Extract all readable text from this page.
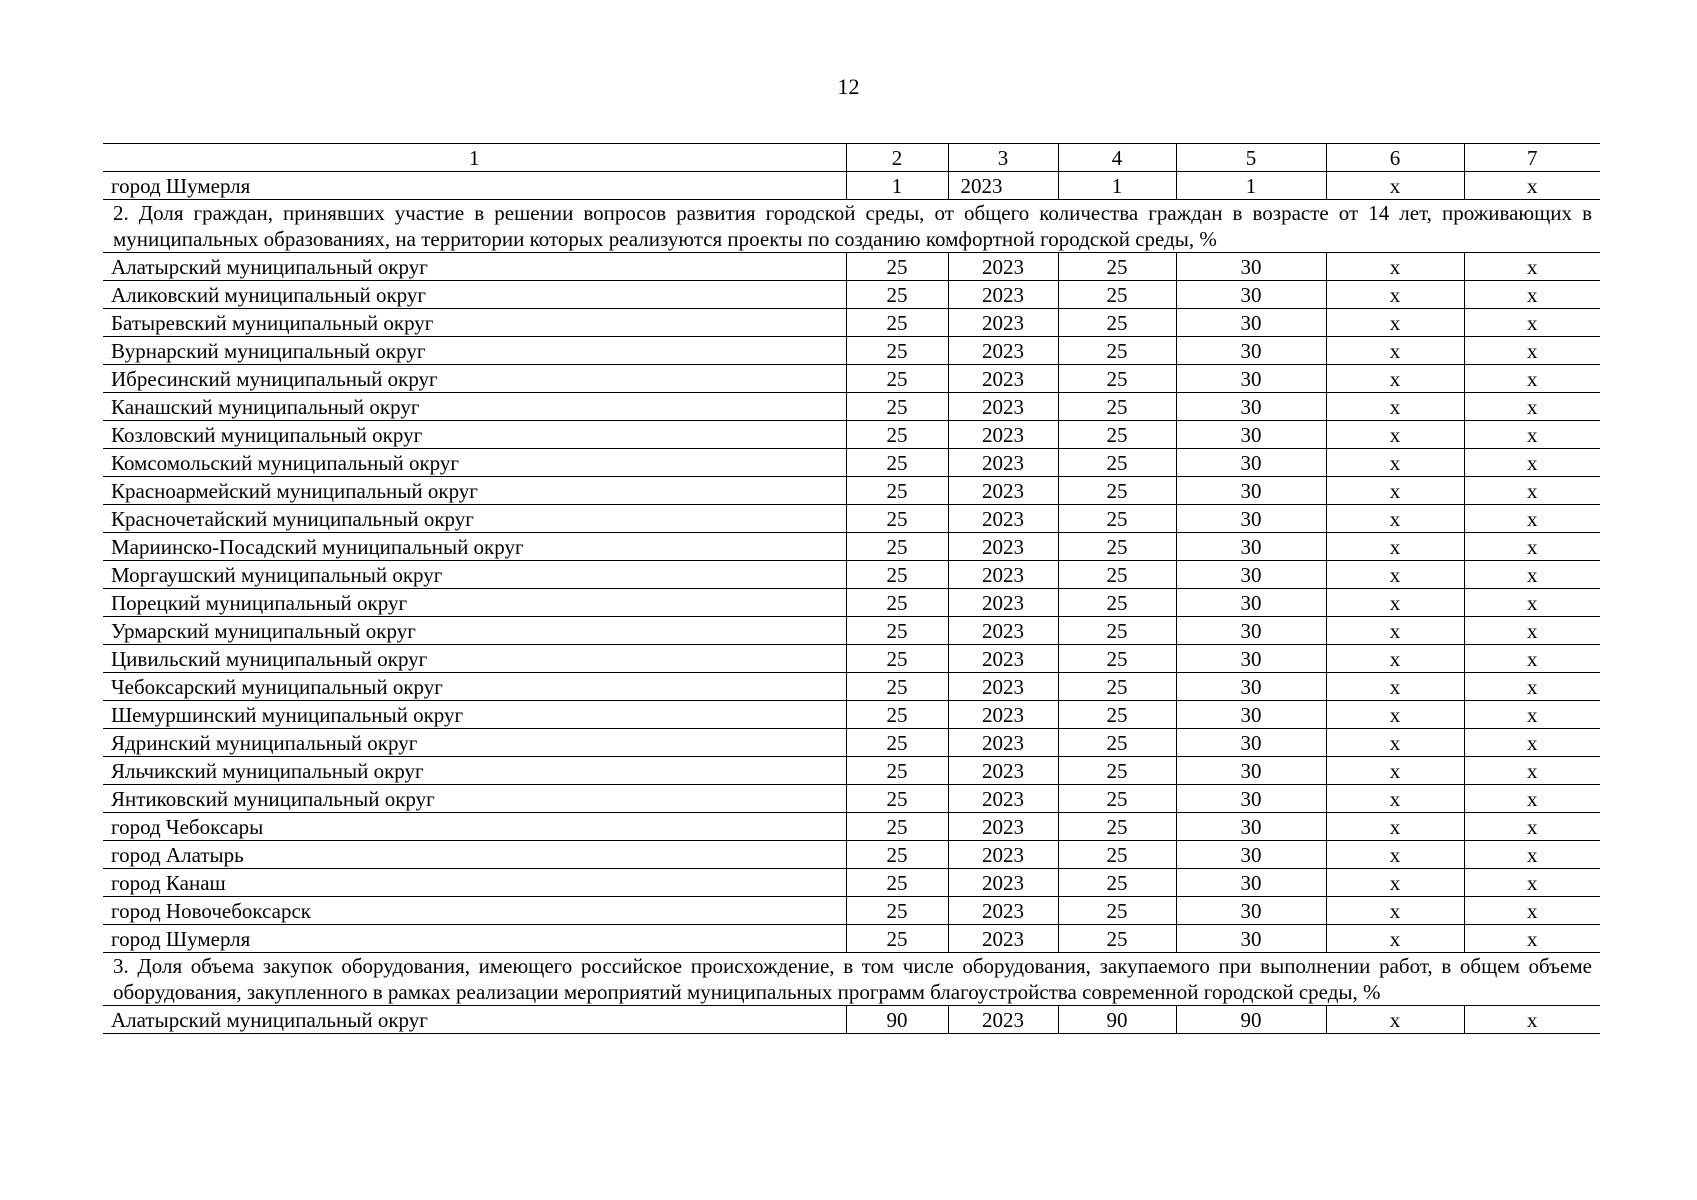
12
1	2	3	4	5	6	7
город Шумерля	1	2023	1	1	х	х
2. Доля граждан, принявших участие в решении вопросов развития городской среды, от общего количества граждан в возрасте от 14 лет, проживающих в муниципальных образованиях, на территории которых реализуются проекты по созданию комфортной городской среды, %						
Алатырский муниципальный округ	25	2023	25	30	х	х
Аликовский муниципальный округ	25	2023	25	30	х	х
Батыревский муниципальный округ	25	2023	25	30	х	х
Вурнарский муниципальный округ	25	2023	25	30	х	х
Ибресинский муниципальный округ	25	2023	25	30	х	х
Канашский муниципальный округ	25	2023	25	30	х	х
Козловский муниципальный округ	25	2023	25	30	х	х
Комсомольский муниципальный округ	25	2023	25	30	х	х
Красноармейский муниципальный округ	25	2023	25	30	х	х
Красночетайский муниципальный округ	25	2023	25	30	х	х
Мариинско-Посадский муниципальный округ	25	2023	25	30	х	х
Моргаушский муниципальный округ	25	2023	25	30	х	х
Порецкий муниципальный округ	25	2023	25	30	х	х
Урмарский муниципальный округ	25	2023	25	30	х	х
Цивильский муниципальный округ	25	2023	25	30	х	х
Чебоксарский муниципальный округ	25	2023	25	30	х	х
Шемуршинский муниципальный округ	25	2023	25	30	х	х
Ядринский муниципальный округ	25	2023	25	30	х	х
Яльчикский муниципальный округ	25	2023	25	30	х	х
Янтиковский муниципальный округ	25	2023	25	30	х	х
город Чебоксары	25	2023	25	30	х	х
город Алатырь	25	2023	25	30	х	х
город Канаш	25	2023	25	30	х	х
город Новочебоксарск	25	2023	25	30	х	х
город Шумерля	25	2023	25	30	х	х
3. Доля объема закупок оборудования, имеющего российское происхождение, в том числе оборудования, закупаемого при выполнении работ, в общем объеме оборудования, закупленного в рамках реализации мероприятий муниципальных программ благоустройства современной городской среды, %						
Алатырский муниципальный округ	90	2023	90	90	х	х
